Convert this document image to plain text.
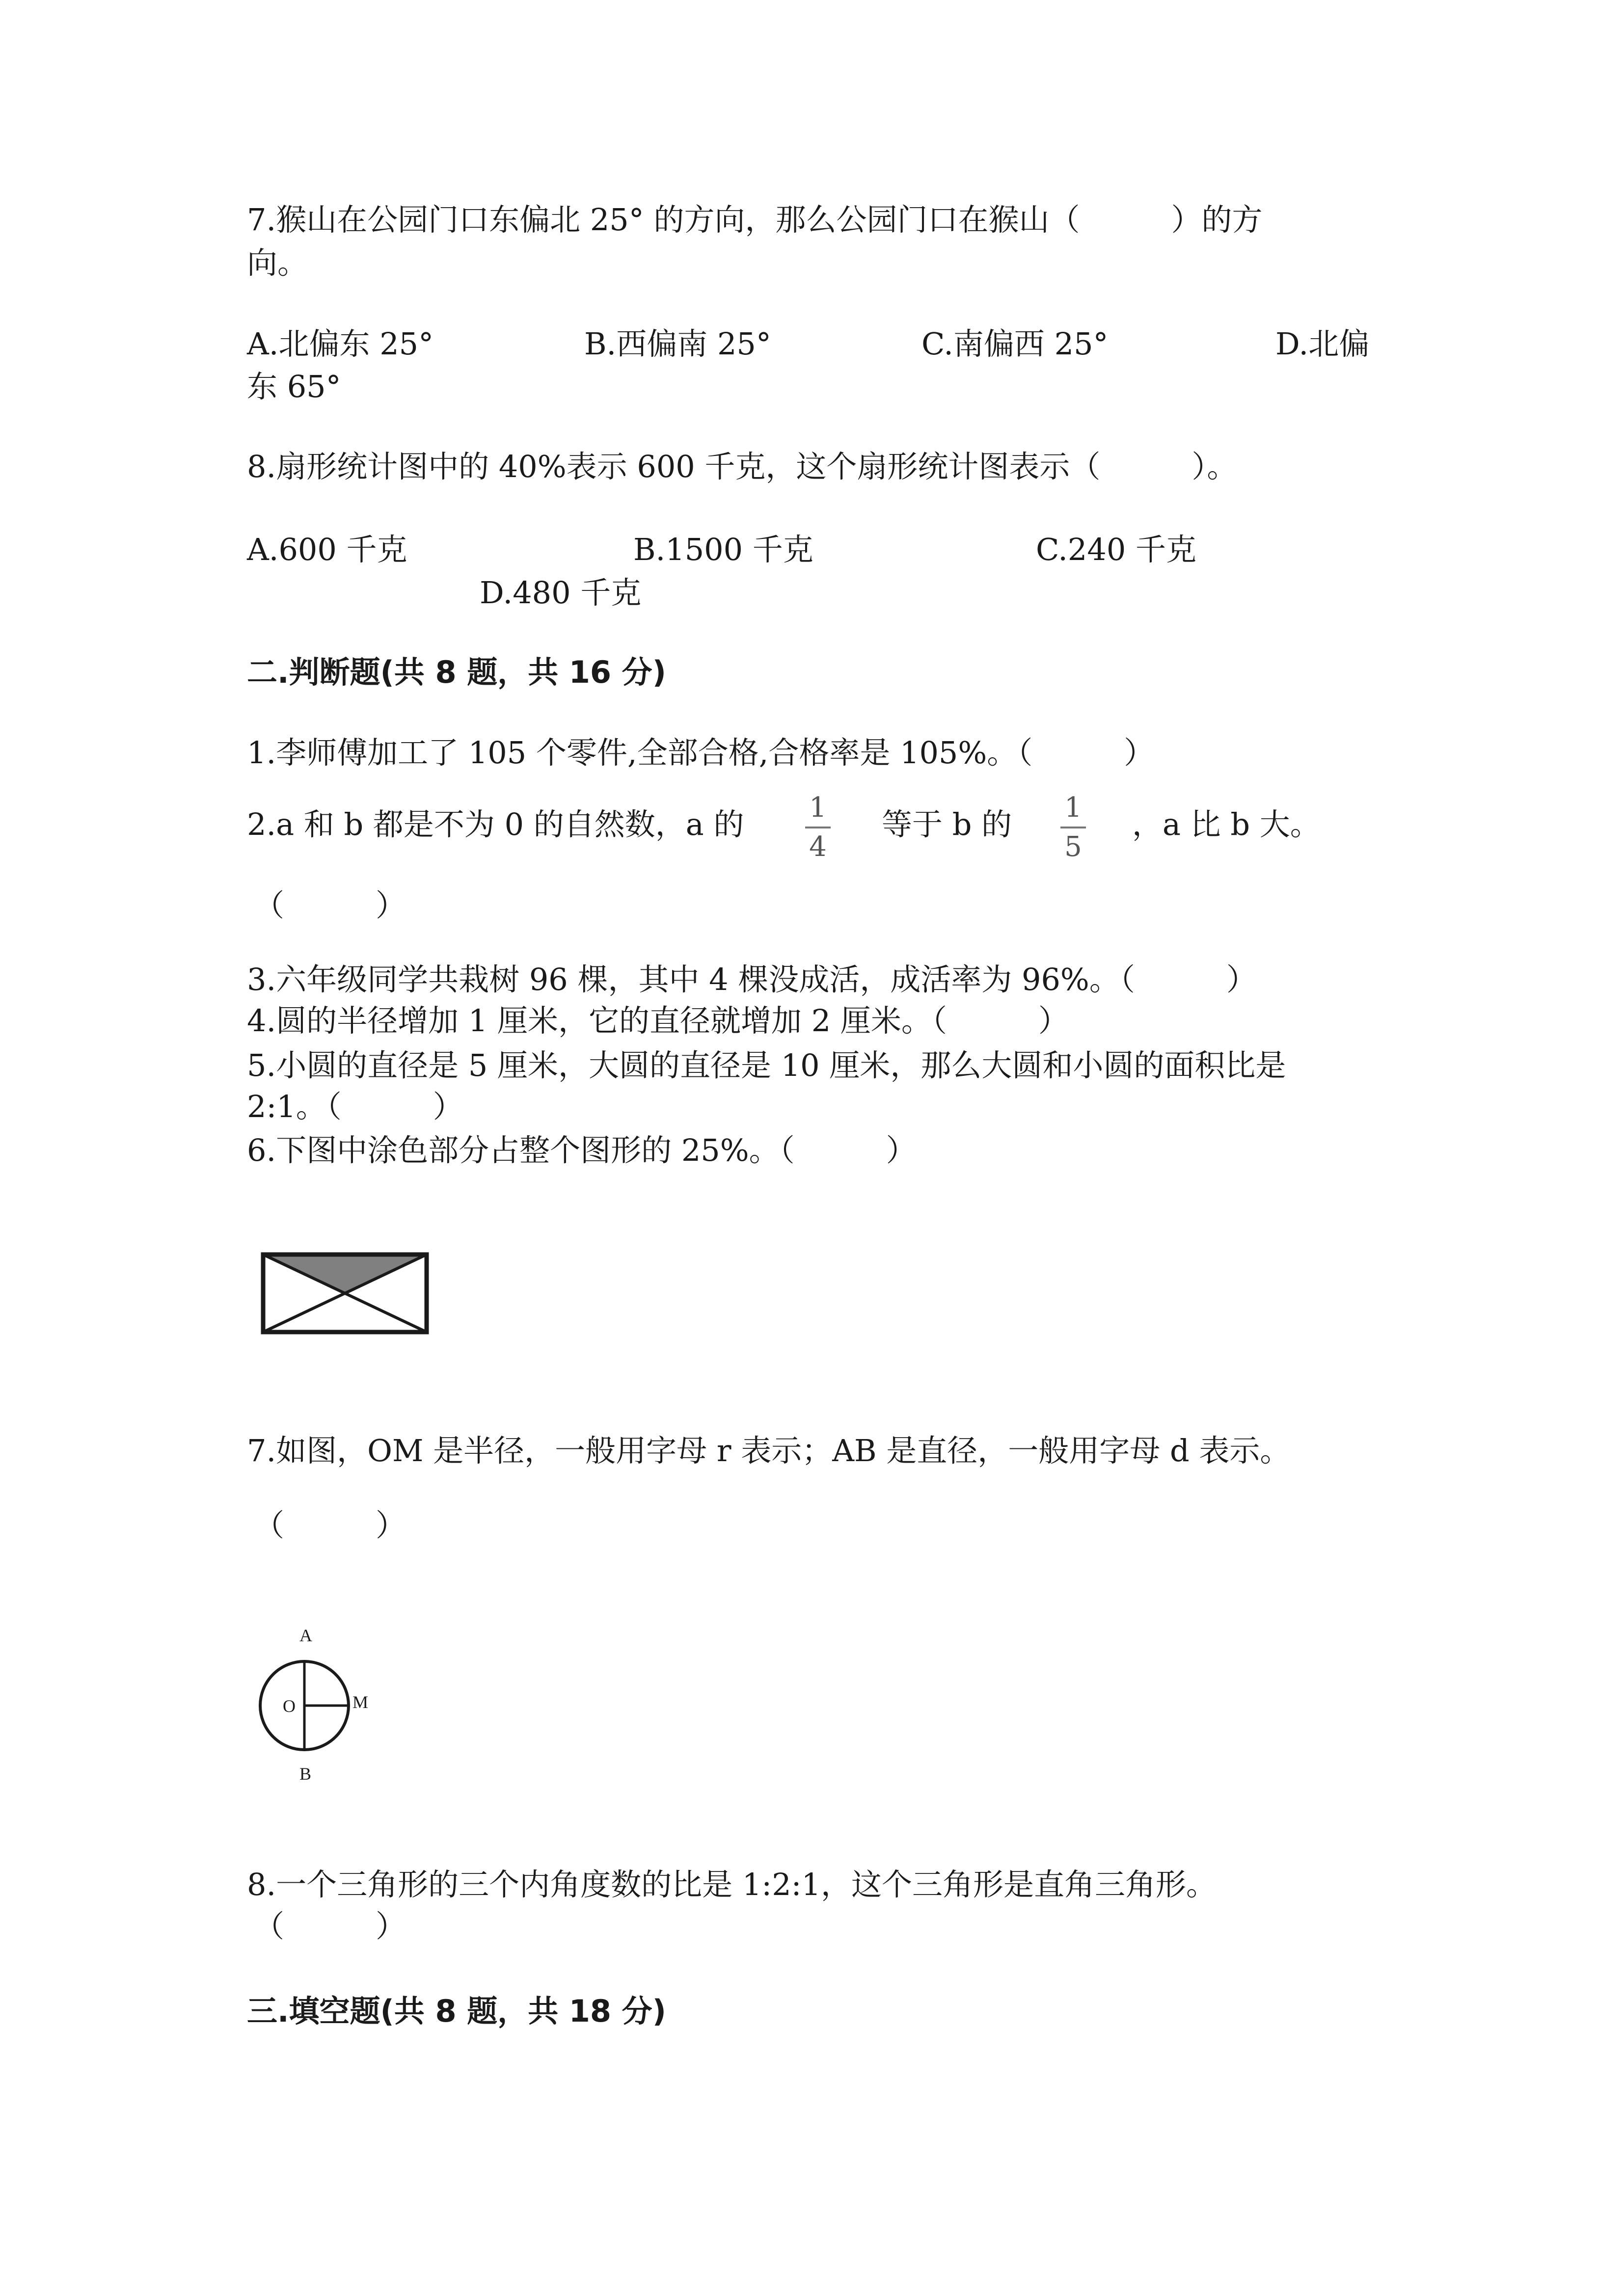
7.猴山在公园门口东偏北 25° 的方向，那么公园门口在猴山（　　　）的方
向。
A.北偏东 25°	B.西偏南 25°	C.南偏西 25°	D.北偏
东 65°
8.扇形统计图中的 40%表示 600 千克，这个扇形统计图表示（　　　）。
A.600 千克	B.1500 千克	C.240 千克
D.480 千克
二.判断题(共 8 题，共 16 分)
1.李师傅加工了 105 个零件,全部合格,合格率是 105%。（　　　）
2.a 和 b 都是不为 0 的自然数，a 的 1
4
等于 b 的 1
5
，a 比 b 大。
（　　　）
3.六年级同学共栽树 96 棵，其中 4 棵没成活，成活率为 96%。（　　　）
4.圆的半径增加 1 厘米，它的直径就增加 2 厘米。（　　　）
5.小圆的直径是 5 厘米，大圆的直径是 10 厘米，那么大圆和小圆的面积比是
2:1。（　　　）
6.下图中涂色部分占整个图形的 25%。（　　　）
7.如图，OM 是半径，一般用字母 r 表示；AB 是直径，一般用字母 d 表示。
（　　　）
A
B
O	M
8.一个三角形的三个内角度数的比是 1:2:1，这个三角形是直角三角形。
（　　　）
三.填空题(共 8 题，共 18 分)
